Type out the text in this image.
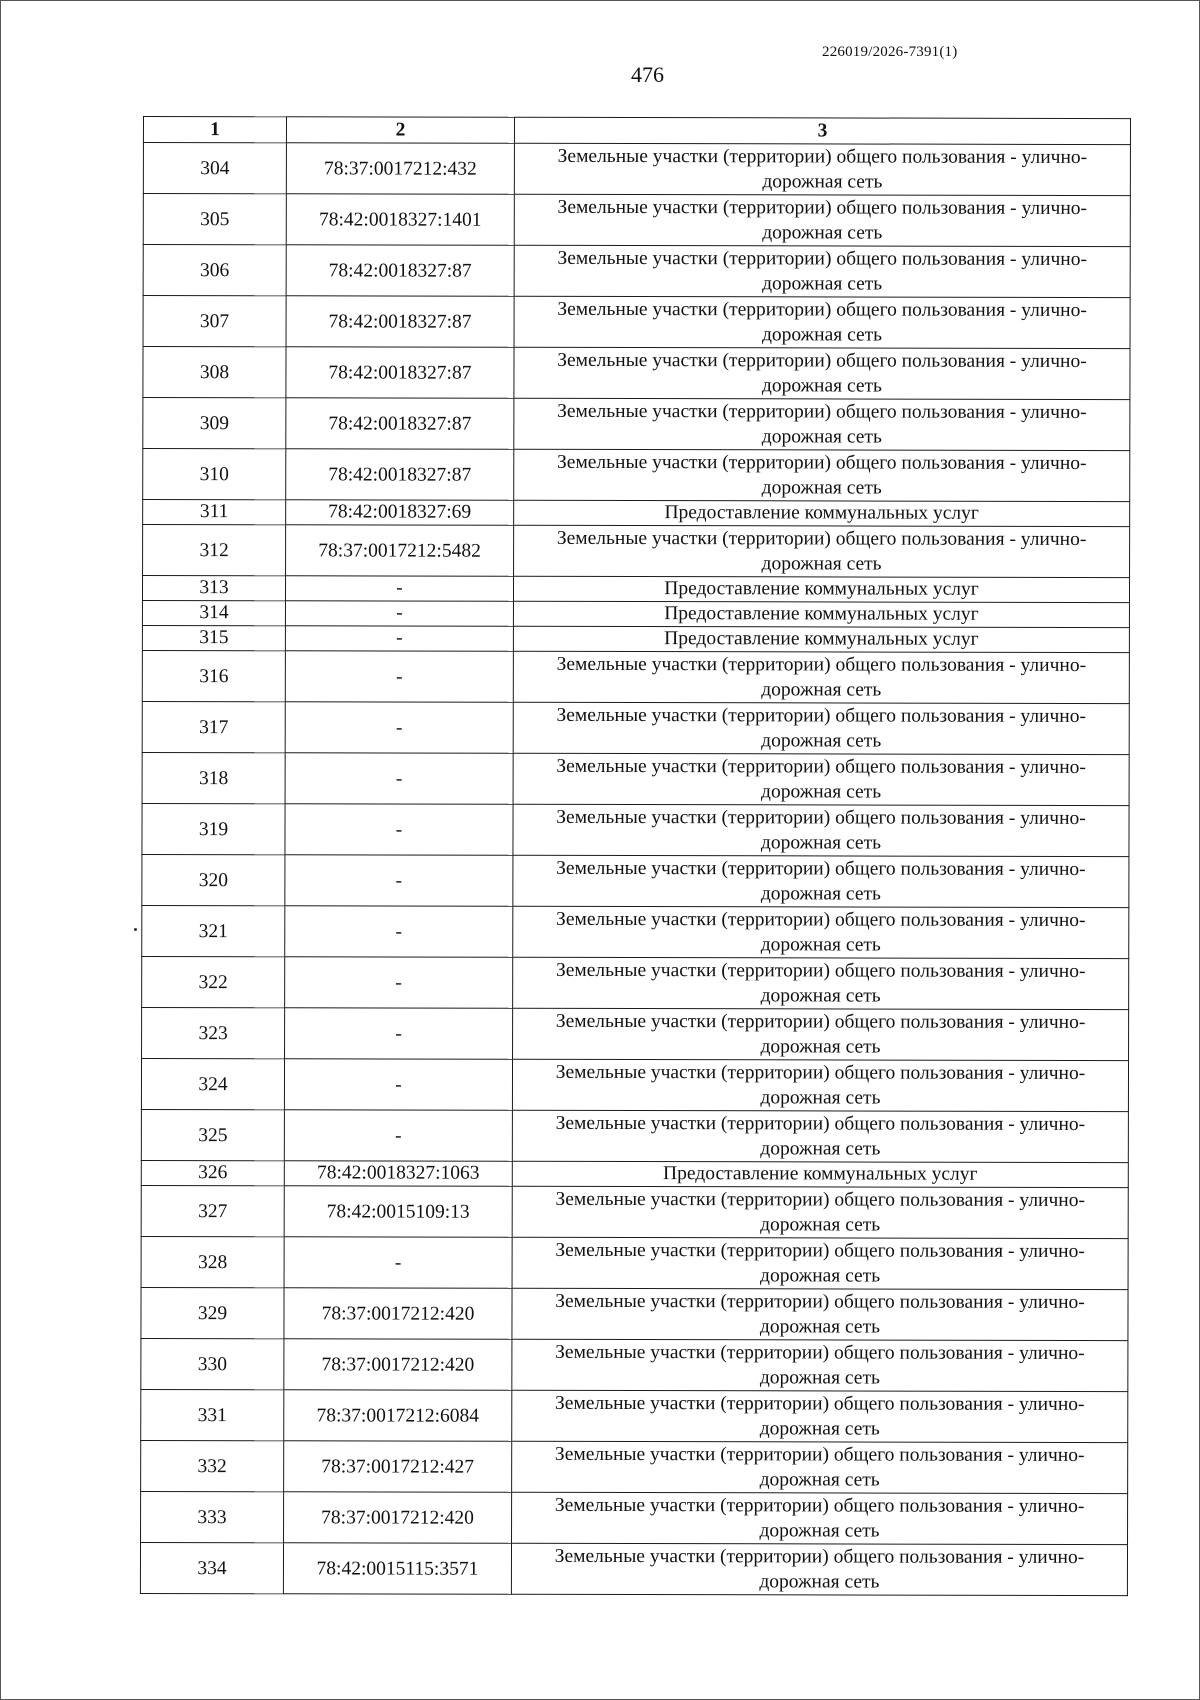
226019/2026-7391(1)
476
1	2	3
304	78:37:0017212:432	Земельные участки (территории) общего пользования - улично-дорожная сеть
305	78:42:0018327:1401	Земельные участки (территории) общего пользования - улично-дорожная сеть
306	78:42:0018327:87	Земельные участки (территории) общего пользования - улично-дорожная сеть
307	78:42:0018327:87	Земельные участки (территории) общего пользования - улично-дорожная сеть
308	78:42:0018327:87	Земельные участки (территории) общего пользования - улично-дорожная сеть
309	78:42:0018327:87	Земельные участки (территории) общего пользования - улично-дорожная сеть
310	78:42:0018327:87	Земельные участки (территории) общего пользования - улично-дорожная сеть
311	78:42:0018327:69	Предоставление коммунальных услуг
312	78:37:0017212:5482	Земельные участки (территории) общего пользования - улично-дорожная сеть
313	-	Предоставление коммунальных услуг
314	-	Предоставление коммунальных услуг
315	-	Предоставление коммунальных услуг
316	-	Земельные участки (территории) общего пользования - улично-дорожная сеть
317	-	Земельные участки (территории) общего пользования - улично-дорожная сеть
318	-	Земельные участки (территории) общего пользования - улично-дорожная сеть
319	-	Земельные участки (территории) общего пользования - улично-дорожная сеть
320	-	Земельные участки (территории) общего пользования - улично-дорожная сеть
321	-	Земельные участки (территории) общего пользования - улично-дорожная сеть
322	-	Земельные участки (территории) общего пользования - улично-дорожная сеть
323	-	Земельные участки (территории) общего пользования - улично-дорожная сеть
324	-	Земельные участки (территории) общего пользования - улично-дорожная сеть
325	-	Земельные участки (территории) общего пользования - улично-дорожная сеть
326	78:42:0018327:1063	Предоставление коммунальных услуг
327	78:42:0015109:13	Земельные участки (территории) общего пользования - улично-дорожная сеть
328	-	Земельные участки (территории) общего пользования - улично-дорожная сеть
329	78:37:0017212:420	Земельные участки (территории) общего пользования - улично-дорожная сеть
330	78:37:0017212:420	Земельные участки (территории) общего пользования - улично-дорожная сеть
331	78:37:0017212:6084	Земельные участки (территории) общего пользования - улично-дорожная сеть
332	78:37:0017212:427	Земельные участки (территории) общего пользования - улично-дорожная сеть
333	78:37:0017212:420	Земельные участки (территории) общего пользования - улично-дорожная сеть
334	78:42:0015115:3571	Земельные участки (территории) общего пользования - улично-дорожная сеть
